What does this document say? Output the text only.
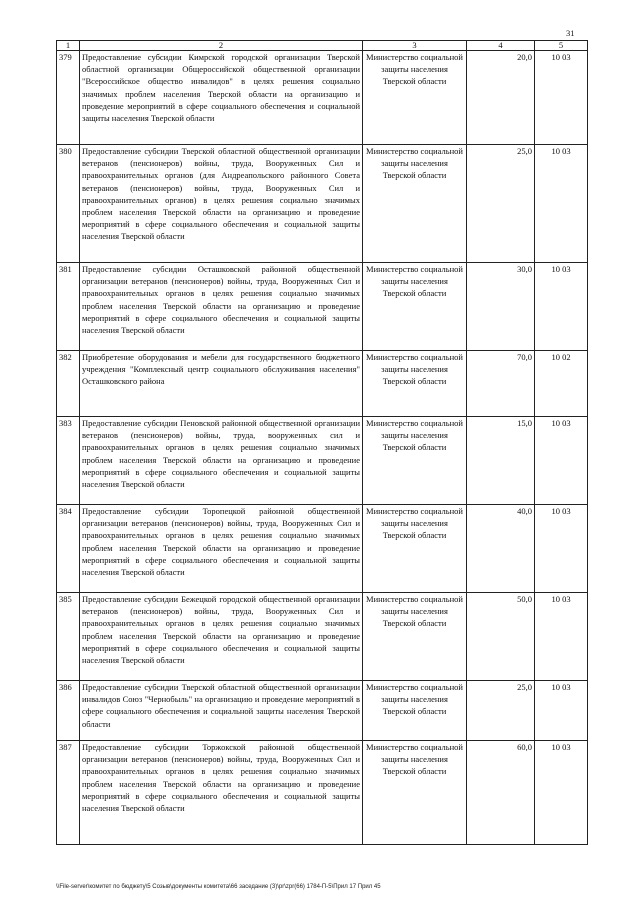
31
1	2	3	4	5
379	Предоставление субсидии Кимрской городской организации Тверской областной организации Общероссийской общественной организации "Всероссийское общество инвалидов" в целях решения социально значимых проблем населения Тверской области на организацию и проведение мероприятий в сфере социального обеспечения и социальной защиты населения Тверской области	Министерство социальной защиты населения Тверской области	20,0	10 03
380	Предоставление субсидии Тверской областной общественной организации ветеранов (пенсионеров) войны, труда, Вооруженных Сил и правоохранительных органов (для Андреапольского районного Совета ветеранов (пенсионеров) войны, труда, Вооруженных Сил и правоохранительных органов) в целях решения социально значимых проблем населения Тверской области на организацию и проведение мероприятий в сфере социального обеспечения и социальной защиты населения Тверской области	Министерство социальной защиты населения Тверской области	25,0	10 03
381	Предоставление субсидии Осташковской районной общественной организации ветеранов (пенсионеров) войны, труда, Вооруженных Сил и правоохранительных органов в целях решения социально значимых проблем населения Тверской области на организацию и проведение мероприятий в сфере социального обеспечения и социальной защиты населения Тверской области	Министерство социальной защиты населения Тверской области	30,0	10 03
382	Приобретение оборудования и мебели для государственного бюджетного учреждения "Комплексный центр социального обслуживания населения" Осташковского района	Министерство социальной защиты населения Тверской области	70,0	10 02
383	Предоставление субсидии Пеновской районной общественной организации ветеранов (пенсионеров) войны, труда, вооруженных сил и правоохранительных органов в целях решения социально значимых проблем населения Тверской области на организацию и проведение мероприятий в сфере социального обеспечения и социальной защиты населения Тверской области	Министерство социальной защиты населения Тверской области	15,0	10 03
384	Предоставление субсидии Торопецкой районной общественной организации ветеранов (пенсионеров) войны, труда, Вооруженных Сил и правоохранительных органов в целях решения социально значимых проблем населения Тверской области на организацию и проведение мероприятий в сфере социального обеспечения и социальной защиты населения Тверской области	Министерство социальной защиты населения Тверской области	40,0	10 03
385	Предоставление субсидии Бежецкой городской общественной организации ветеранов (пенсионеров) войны, труда, Вооруженных Сил и правоохранительных органов в целях решения социально значимых проблем населения Тверской области на организацию и проведение мероприятий в сфере социального обеспечения и социальной защиты населения Тверской области	Министерство социальной защиты населения Тверской области	50,0	10 03
386	Предоставление субсидии Тверской областной общественной организации инвалидов Союз "Чернобыль" на организацию и проведение мероприятий в сфере социального обеспечения и социальной защиты населения Тверской области	Министерство социальной защиты населения Тверской области	25,0	10 03
387	Предоставление субсидии Торжокской районной общественной организации ветеранов (пенсионеров) войны, труда, Вооруженных Сил и правоохранительных органов в целях решения социально значимых проблем населения Тверской области на организацию и проведение мероприятий в сфере социального обеспечения и социальной защиты населения Тверской области	Министерство социальной защиты населения Тверской области	60,0	10 03
\\File-server\комитет по бюджету\5 Созыв\документы комитета\66 заседание (3)\pr\zpr(66) 1784-П-5\Прил 17 Прил 45
